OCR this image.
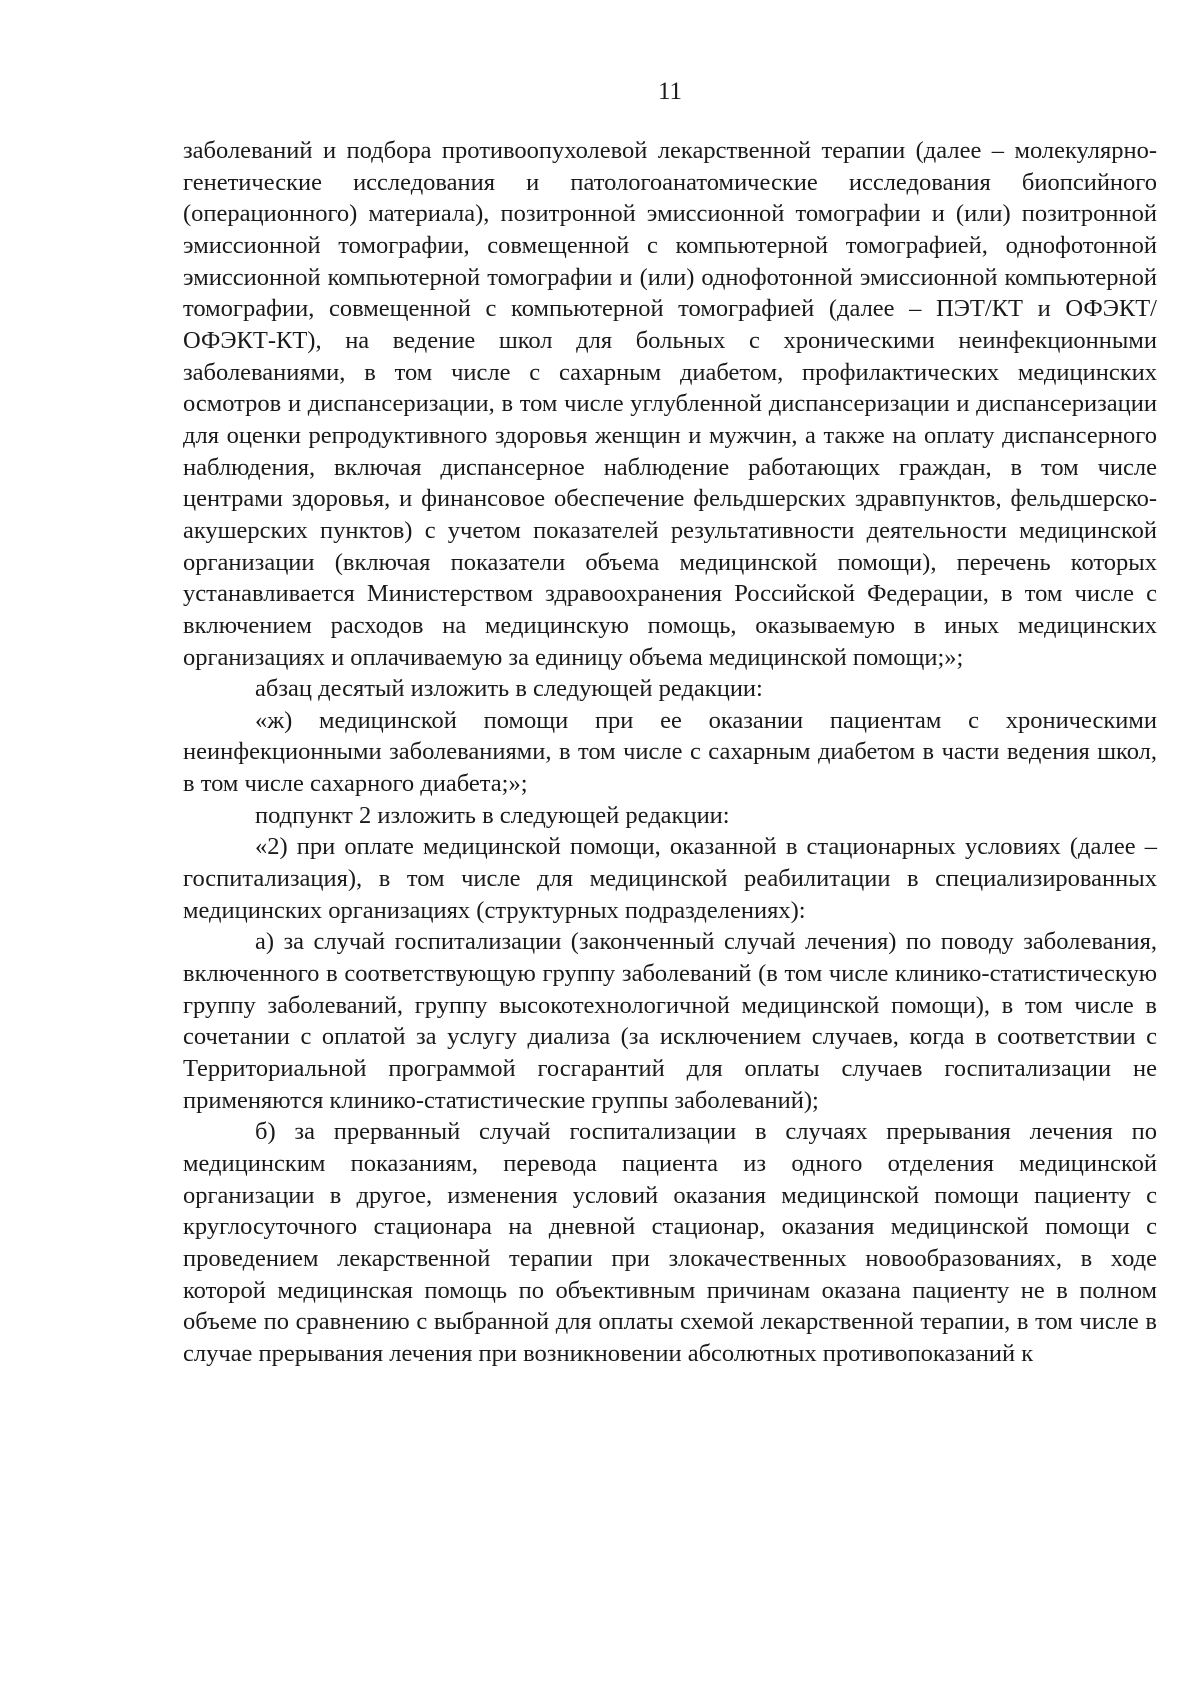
11

заболеваний и подбора противоопухолевой лекарственной терапии (далее – молекулярно-генетические исследования и патологоанатомические исследования биопсийного (операционного) материала), позитронной эмиссионной томографии и (или) позитронной эмиссионной томографии, совмещенной с компьютерной томографией, однофотонной эмиссионной компьютерной томографии и (или) однофотонной эмиссионной компьютерной томографии, совмещенной с компьютерной томографией (далее – ПЭТ/КТ и ОФЭКТ/ОФЭКТ-КТ), на ведение школ для больных с хроническими неинфекционными заболеваниями, в том числе с сахарным диабетом, профилактических медицинских осмотров и диспансеризации, в том числе углубленной диспансеризации и диспансеризации для оценки репродуктивного здоровья женщин и мужчин, а также на оплату диспансерного наблюдения, включая диспансерное наблюдение работающих граждан, в том числе центрами здоровья, и финансовое обеспечение фельдшерских здравпунктов, фельдшерско-акушерских пунктов) с учетом показателей результативности деятельности медицинской организации (включая показатели объема медицинской помощи), перечень которых устанавливается Министерством здравоохранения Российской Федерации, в том числе с включением расходов на медицинскую помощь, оказываемую в иных медицинских организациях и оплачиваемую за единицу объема медицинской помощи;»;

абзац десятый изложить в следующей редакции:

«ж) медицинской помощи при ее оказании пациентам с хроническими неинфекционными заболеваниями, в том числе с сахарным диабетом в части ведения школ, в том числе сахарного диабета;»;

подпункт 2 изложить в следующей редакции:

«2) при оплате медицинской помощи, оказанной в стационарных условиях (далее – госпитализация), в том числе для медицинской реабилитации в специализированных медицинских организациях (структурных подразделениях):

а) за случай госпитализации (законченный случай лечения) по поводу заболевания, включенного в соответствующую группу заболеваний (в том числе клинико-статистическую группу заболеваний, группу высокотехнологичной медицинской помощи), в том числе в сочетании с оплатой за услугу диализа (за исключением случаев, когда в соответствии с Территориальной программой госгарантий для оплаты случаев госпитализации не применяются клинико-статистические группы заболеваний);

б) за прерванный случай госпитализации в случаях прерывания лечения по медицинским показаниям, перевода пациента из одного отделения медицинской организации в другое, изменения условий оказания медицинской помощи пациенту с круглосуточного стационара на дневной стационар, оказания медицинской помощи с проведением лекарственной терапии при злокачественных новообразованиях, в ходе которой медицинская помощь по объективным причинам оказана пациенту не в полном объеме по сравнению с выбранной для оплаты схемой лекарственной терапии, в том числе в случае прерывания лечения при возникновении абсолютных противопоказаний к
